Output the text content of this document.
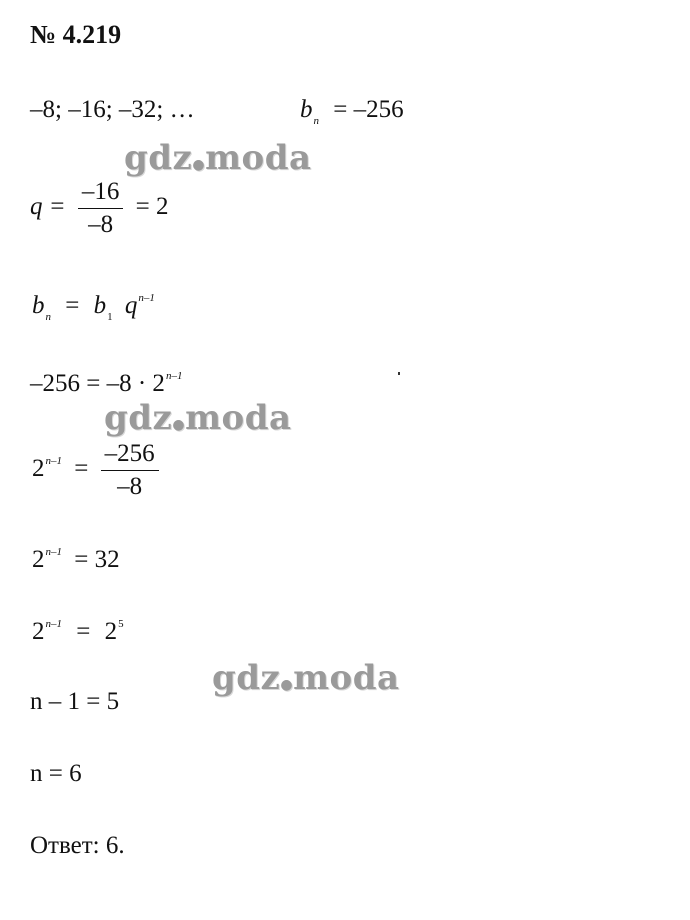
№ 4.219
–8; –16; –32; …	$b_n = -256$
$q = \frac{-16}{-8} = 2$
$b_n = b_1$ $q^{n-1}$
$-256 = -8 \cdot 2^{n-1}$
$2^{n-1} = \frac{-256}{-8}$
$2^{n-1} = 32$
$2^{n-1} = 2^5$
n – 1 = 5
n = 6
Ответ: 6.
gdz●moda
gdz●moda
gdz●moda
